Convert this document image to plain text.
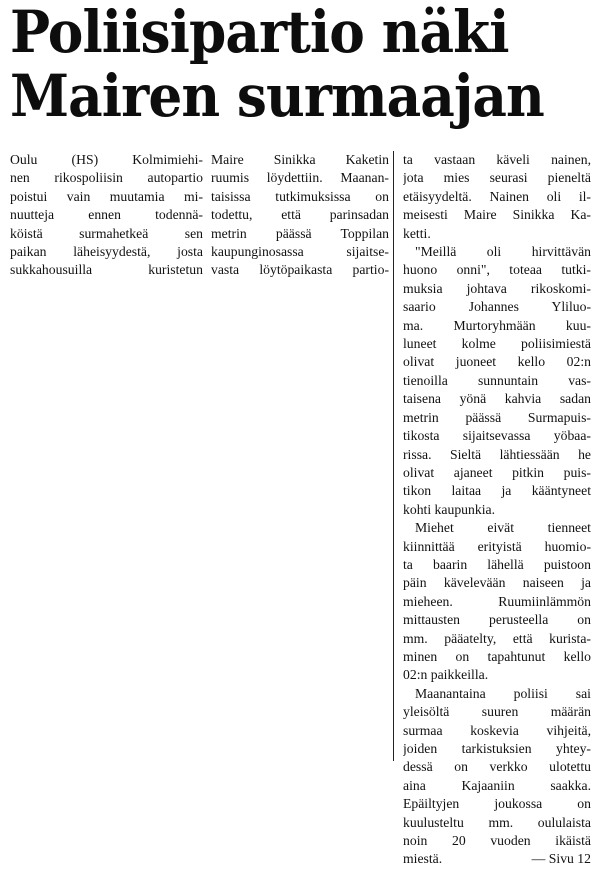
Poliisipartio näki
Mairen surmaajan
Oulu (HS) Kolmimiehi-
nen rikospoliisin autopartio
poistui vain muutamia mi-
nuutteja ennen todennä-
köistä surmahetkeä sen
paikan läheisyydestä, josta
sukkahousuilla kuristetun
Maire Sinikka Kaketin
ruumis löydettiin. Maanan-
taisissa tutkimuksissa on
todettu, että parinsadan
metrin päässä Toppilan
kaupunginosassa sijaitse-
vasta löytöpaikasta partio-
ta vastaan käveli nainen,
jota mies seurasi pieneltä
etäisyydeltä. Nainen oli il-
meisesti Maire Sinikka Ka-
ketti.
"Meillä oli hirvittävän
huono onni", toteaa tutki-
muksia johtava rikoskomi-
saario Johannes Yliluo-
ma. Murtoryhmään kuu-
luneet kolme poliisimiestä
olivat juoneet kello 02:n
tienoilla sunnuntain vas-
taisena yönä kahvia sadan
metrin päässä Surmapuis-
tikosta sijaitsevassa yöbaa-
rissa. Sieltä lähtiessään he
olivat ajaneet pitkin puis-
tikon laitaa ja kääntyneet
kohti kaupunkia.
Miehet eivät tienneet
kiinnittää erityistä huomio-
ta baarin lähellä puistoon
päin kävelevään naiseen ja
mieheen. Ruumiinlämmön
mittausten perusteella on
mm. pääatelty, että kurista-
minen on tapahtunut kello
02:n paikkeilla.
Maanantaina poliisi sai
yleisöltä suuren määrän
surmaa koskevia vihjeitä,
joiden tarkistuksien yhtey-
dessä on verkko ulotettu
aina Kajaaniin saakka.
Epäiltyjen joukossa on
kuulusteltu mm. oululaista
noin 20 vuoden ikäistä
miestä.	— Sivu 12
